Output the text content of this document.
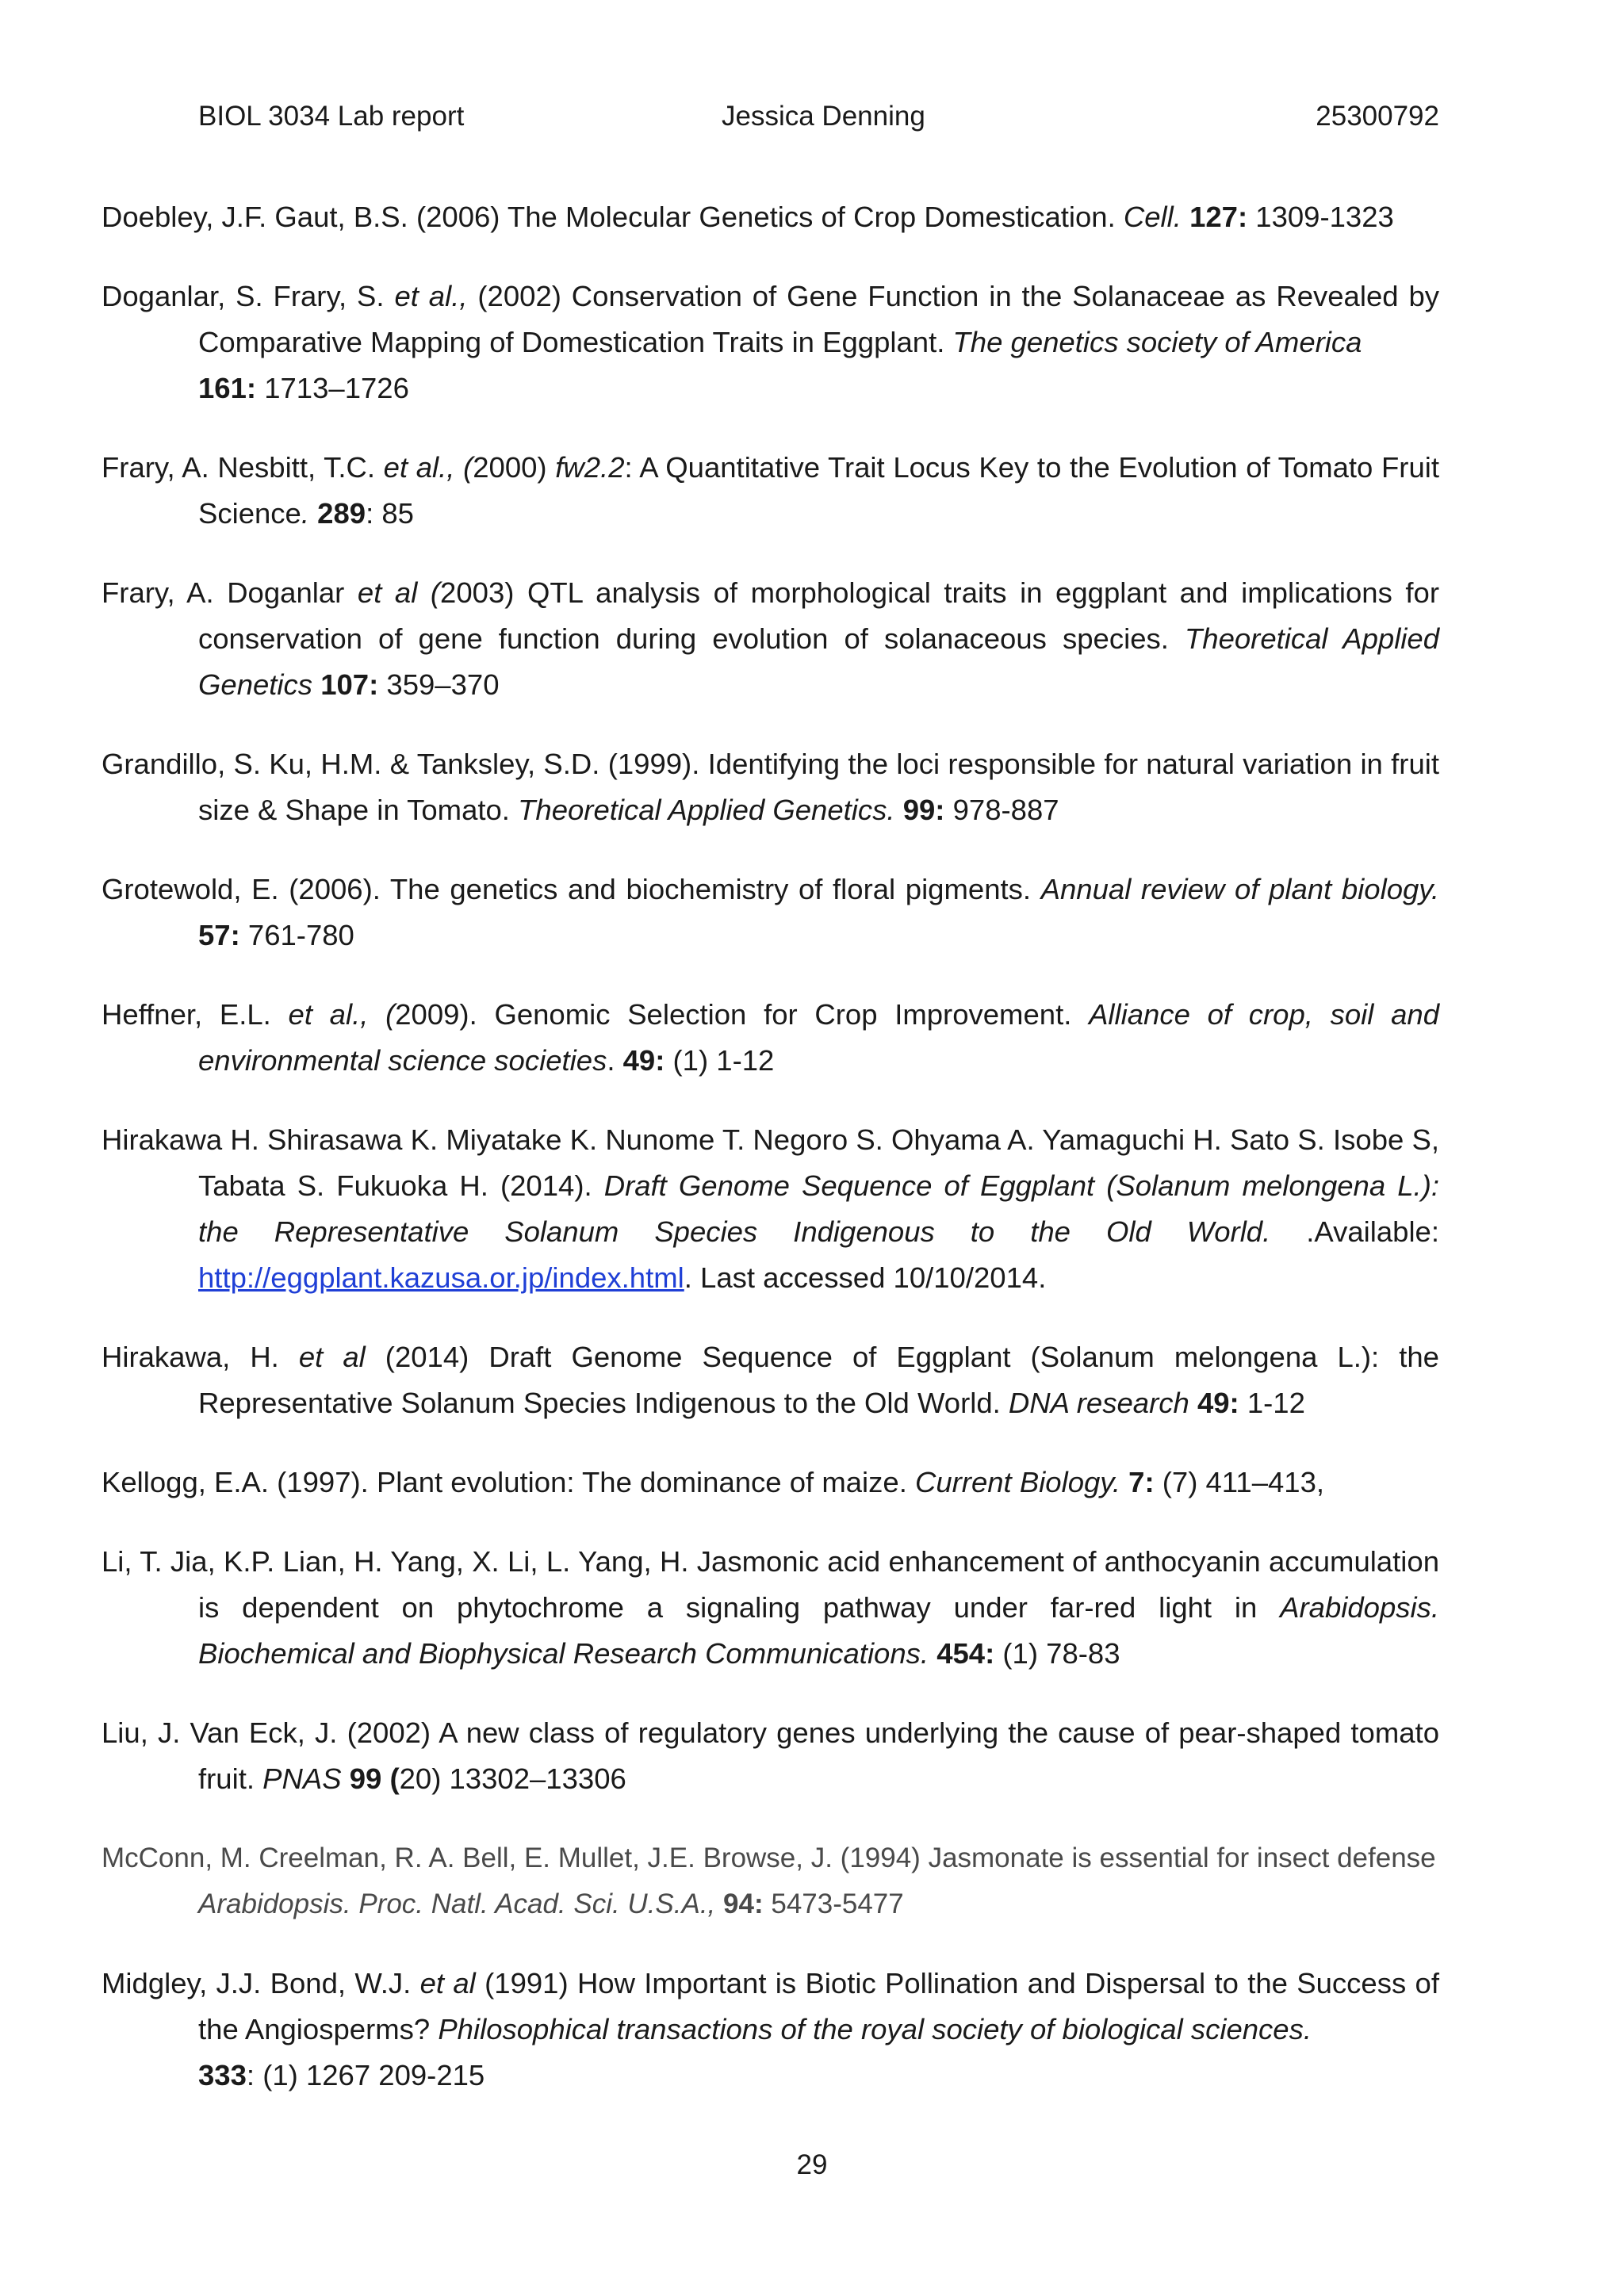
BIOL 3034 Lab report	Jessica Denning	25300792

Doebley, J.F. Gaut, B.S. (2006) The Molecular Genetics of Crop Domestication. Cell. 127: 1309-1323

Doganlar, S. Frary, S. et al., (2002) Conservation of Gene Function in the Solanaceae as Revealed by Comparative Mapping of Domestication Traits in Eggplant. The genetics society of America
161: 1713–1726

Frary, A. Nesbitt, T.C. et al., (2000) fw2.2: A Quantitative Trait Locus Key to the Evolution of Tomato Fruit Science. 289: 85

Frary, A. Doganlar et al (2003) QTL analysis of morphological traits in eggplant and implications for conservation of gene function during evolution of solanaceous species. Theoretical Applied Genetics 107: 359–370

Grandillo, S. Ku, H.M. & Tanksley, S.D. (1999). Identifying the loci responsible for natural variation in fruit size & Shape in Tomato. Theoretical Applied Genetics. 99: 978-887

Grotewold, E. (2006). The genetics and biochemistry of floral pigments. Annual review of plant biology. 57: 761-780

Heffner, E.L. et al., (2009). Genomic Selection for Crop Improvement. Alliance of crop, soil and environmental science societies. 49: (1) 1-12

Hirakawa H. Shirasawa K. Miyatake K. Nunome T. Negoro S. Ohyama A. Yamaguchi H. Sato S. Isobe S, Tabata S. Fukuoka H. (2014). Draft Genome Sequence of Eggplant (Solanum melongena L.): the Representative Solanum Species Indigenous to the Old World. .Available: http://eggplant.kazusa.or.jp/index.html. Last accessed 10/10/2014.

Hirakawa, H. et al (2014) Draft Genome Sequence of Eggplant (Solanum melongena L.): the Representative Solanum Species Indigenous to the Old World. DNA research 49: 1-12

Kellogg, E.A. (1997). Plant evolution: The dominance of maize. Current Biology. 7: (7) 411–413,

Li, T. Jia, K.P. Lian, H. Yang, X. Li, L. Yang, H. Jasmonic acid enhancement of anthocyanin accumulation is dependent on phytochrome a signaling pathway under far-red light in Arabidopsis. Biochemical and Biophysical Research Communications. 454: (1) 78-83

Liu, J. Van Eck, J. (2002) A new class of regulatory genes underlying the cause of pear-shaped tomato fruit. PNAS 99 (20) 13302–13306

McConn, M. Creelman, R. A. Bell, E. Mullet, J.E. Browse, J. (1994) Jasmonate is essential for insect defense Arabidopsis. Proc. Natl. Acad. Sci. U.S.A., 94: 5473-5477

Midgley, J.J. Bond, W.J. et al (1991) How Important is Biotic Pollination and Dispersal to the Success of the Angiosperms? Philosophical transactions of the royal society of biological sciences.
333: (1) 1267 209-215

29
